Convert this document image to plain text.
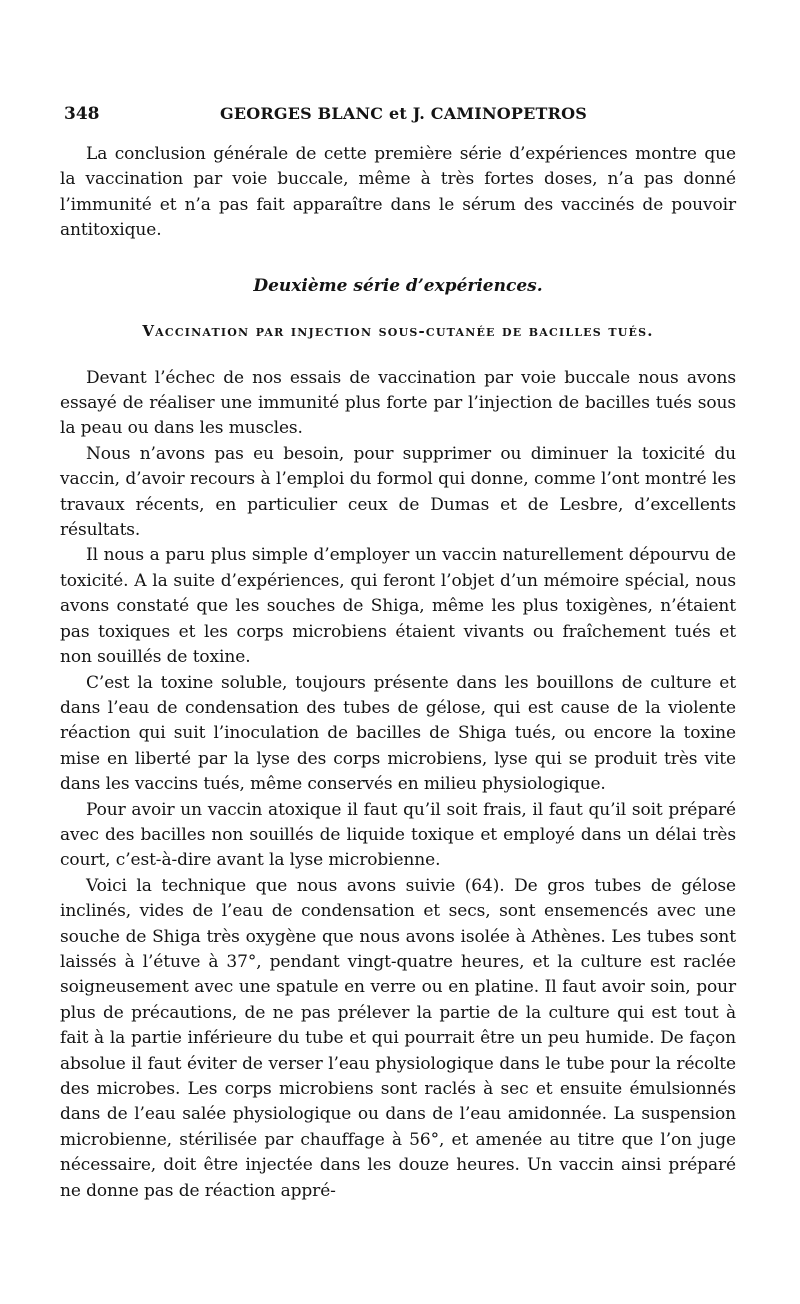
348	GEORGES BLANC et J. CAMINOPETROS

La conclusion générale de cette première série d’expériences montre que la vaccination par voie buccale, même à très fortes doses, n’a pas donné l’immunité et n’a pas fait apparaître dans le sérum des vaccinés de pouvoir antitoxique.

Deuxième série d’expériences.
Vaccination par injection sous-cutanée de bacilles tués.

Devant l’échec de nos essais de vaccination par voie buccale nous avons essayé de réaliser une immunité plus forte par l’injection de bacilles tués sous la peau ou dans les muscles.

Nous n’avons pas eu besoin, pour supprimer ou diminuer la toxicité du vaccin, d’avoir recours à l’emploi du formol qui donne, comme l’ont montré les travaux récents, en particulier ceux de Dumas et de Lesbre, d’excellents résultats.

Il nous a paru plus simple d’employer un vaccin naturellement dépourvu de toxicité. A la suite d’expériences, qui feront l’objet d’un mémoire spécial, nous avons constaté que les souches de Shiga, même les plus toxigènes, n’étaient pas toxiques et les corps microbiens étaient vivants ou fraîchement tués et non souillés de toxine.

C’est la toxine soluble, toujours présente dans les bouillons de culture et dans l’eau de condensation des tubes de gélose, qui est cause de la violente réaction qui suit l’inoculation de bacilles de Shiga tués, ou encore la toxine mise en liberté par la lyse des corps microbiens, lyse qui se produit très vite dans les vaccins tués, même conservés en milieu physiologique.

Pour avoir un vaccin atoxique il faut qu’il soit frais, il faut qu’il soit préparé avec des bacilles non souillés de liquide toxique et employé dans un délai très court, c’est-à-dire avant la lyse microbienne.

Voici la technique que nous avons suivie (64). De gros tubes de gélose inclinés, vides de l’eau de condensation et secs, sont ensemencés avec une souche de Shiga très oxygène que nous avons isolée à Athènes. Les tubes sont laissés à l’étuve à 37°, pendant vingt-quatre heures, et la culture est raclée soigneusement avec une spatule en verre ou en platine. Il faut avoir soin, pour plus de précautions, de ne pas prélever la partie de la culture qui est tout à fait à la partie inférieure du tube et qui pourrait être un peu humide. De façon absolue il faut éviter de verser l’eau physiologique dans le tube pour la récolte des microbes. Les corps microbiens sont raclés à sec et ensuite émulsionnés dans de l’eau salée physiologique ou dans de l’eau amidonnée. La suspension microbienne, stérilisée par chauffage à 56°, et amenée au titre que l’on juge nécessaire, doit être injectée dans les douze heures. Un vaccin ainsi préparé ne donne pas de réaction appré-
